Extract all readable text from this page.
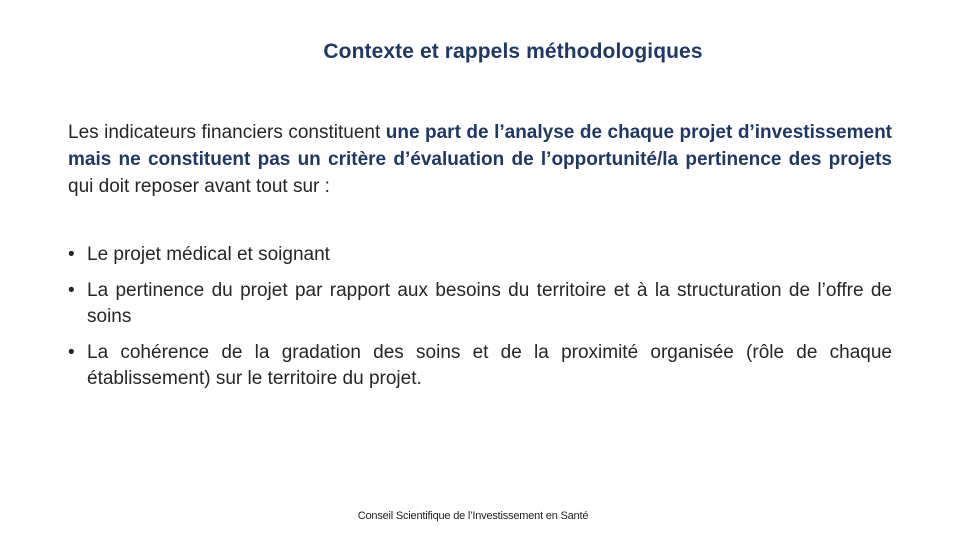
Contexte et rappels méthodologiques

Les indicateurs financiers constituent une part de l’analyse de chaque projet d’investissement mais ne constituent pas un critère d’évaluation de l’opportunité/la pertinence des projets qui doit reposer avant tout sur :

• Le projet médical et soignant
• La pertinence du projet par rapport aux besoins du territoire et à la structuration de l’offre de soins
• La cohérence de la gradation des soins et de la proximité organisée (rôle de chaque établissement) sur le territoire du projet.
Conseil Scientifique de l’Investissement en Santé
